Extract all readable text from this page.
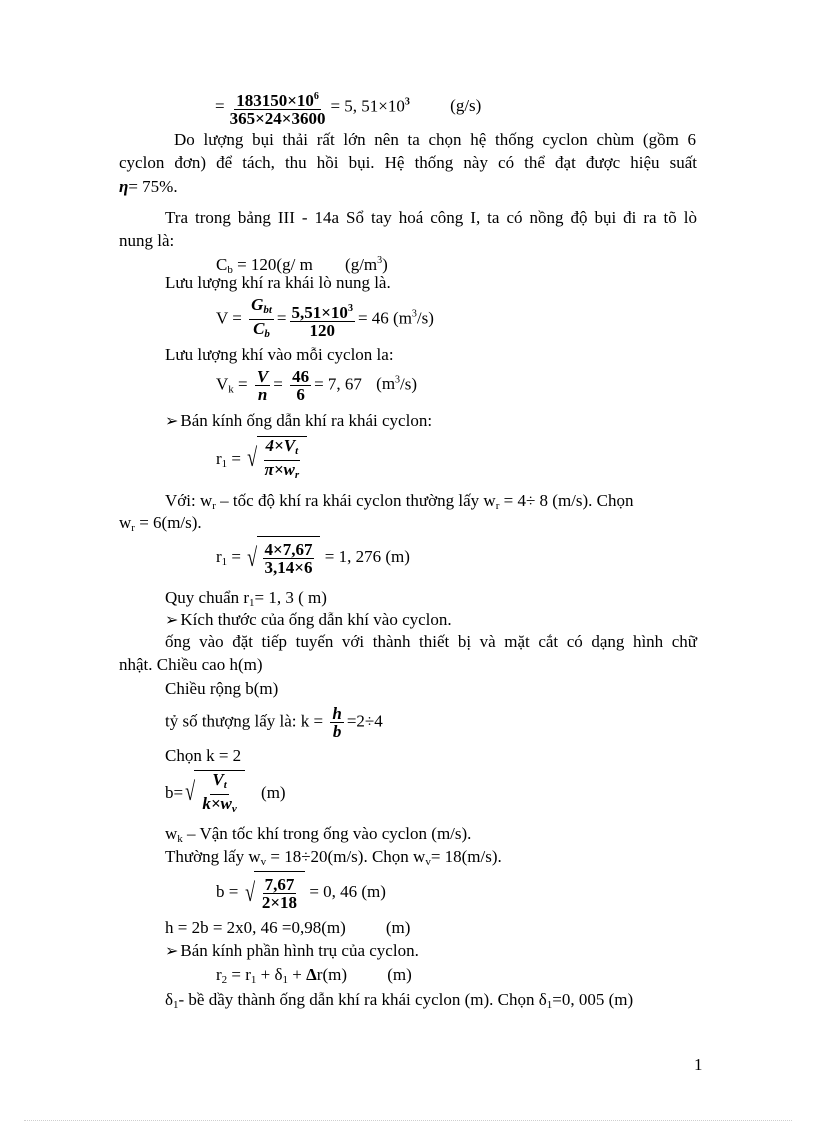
= $\frac{183150\times 10^6}{365\times 24\times 3600} = 5$, $51\times 10^3$ (g/s)
Do lượng bụi thải rất lớn nên ta chọn hệ thống cyclon chùm (gồm 6
cyclon đơn) để tách, thu hồi bụi. Hệ thống này có thể đạt được hiệu suất
η= 75%.
Tra trong bảng III - 14a Sổ tay hoá công I, ta có nồng độ bụi đi ra tõ lò
nung là:
$C_b = 120(g/$ m $(g/m^3)$
Lưu lượng khí ra khái lò nung là.
$V = \frac{G_{bt}}{C_b} = \frac{5,51\times 10^3}{120} = 46$ $(m^3/s)$
Lưu lượng khí vào mỗi cyclon la:
$V_k = \frac{V}{n} = \frac{46}{6} = 7$, 67 $(m^3/s)$
➢ Bán kính ống dẫn khí ra khái cyclon:
$r_1$ = √ $\frac{4\times V_t}{\pi\times w_r}$
Với: $w_r$ – tốc độ khí ra khái cyclon thường lấy $w_r = 4\div 8$ (m/s). Chọn
$w_r = 6(m/s)$.
$r_1$ = √ $\frac{4\times 7,67}{3,14\times 6} = 1$, 276 (m)
Quy chuẩn $r_1= 1$, 3 ( m)
➢ Kích thước của ống dẫn khí vào cyclon.
ống vào đặt tiếp tuyến với thành thiết bị và mặt cắt có dạng hình chữ
nhật. Chiều cao h(m)
Chiều rộng b(m)
tỷ số thượng lấy là: $k = \frac{h}{b} =2\div 4$
Chọn k = 2
b= √ $\frac{V_t}{k\times w_v} (m)$
$w_k$ – Vận tốc khí trong ống vào cyclon (m/s).
Thường lấy $w_v = 18\div 20(m/s)$. Chọn $w_v= 18(m/s)$.
b = √ $\frac{7,67}{2\times 18} = 0$, 46 (m)
h = 2b = 2x0, 46 =0,98(m) (m)
➢ Bán kính phần hình trụ của cyclon.
$r_2 = r_1 + \delta_1 + \Delta r(m)$ (m)
$\delta_1-$ bề dầy thành ống dẫn khí ra khái cyclon (m). Chọn $\delta_1=0$, 005 (m)
1
